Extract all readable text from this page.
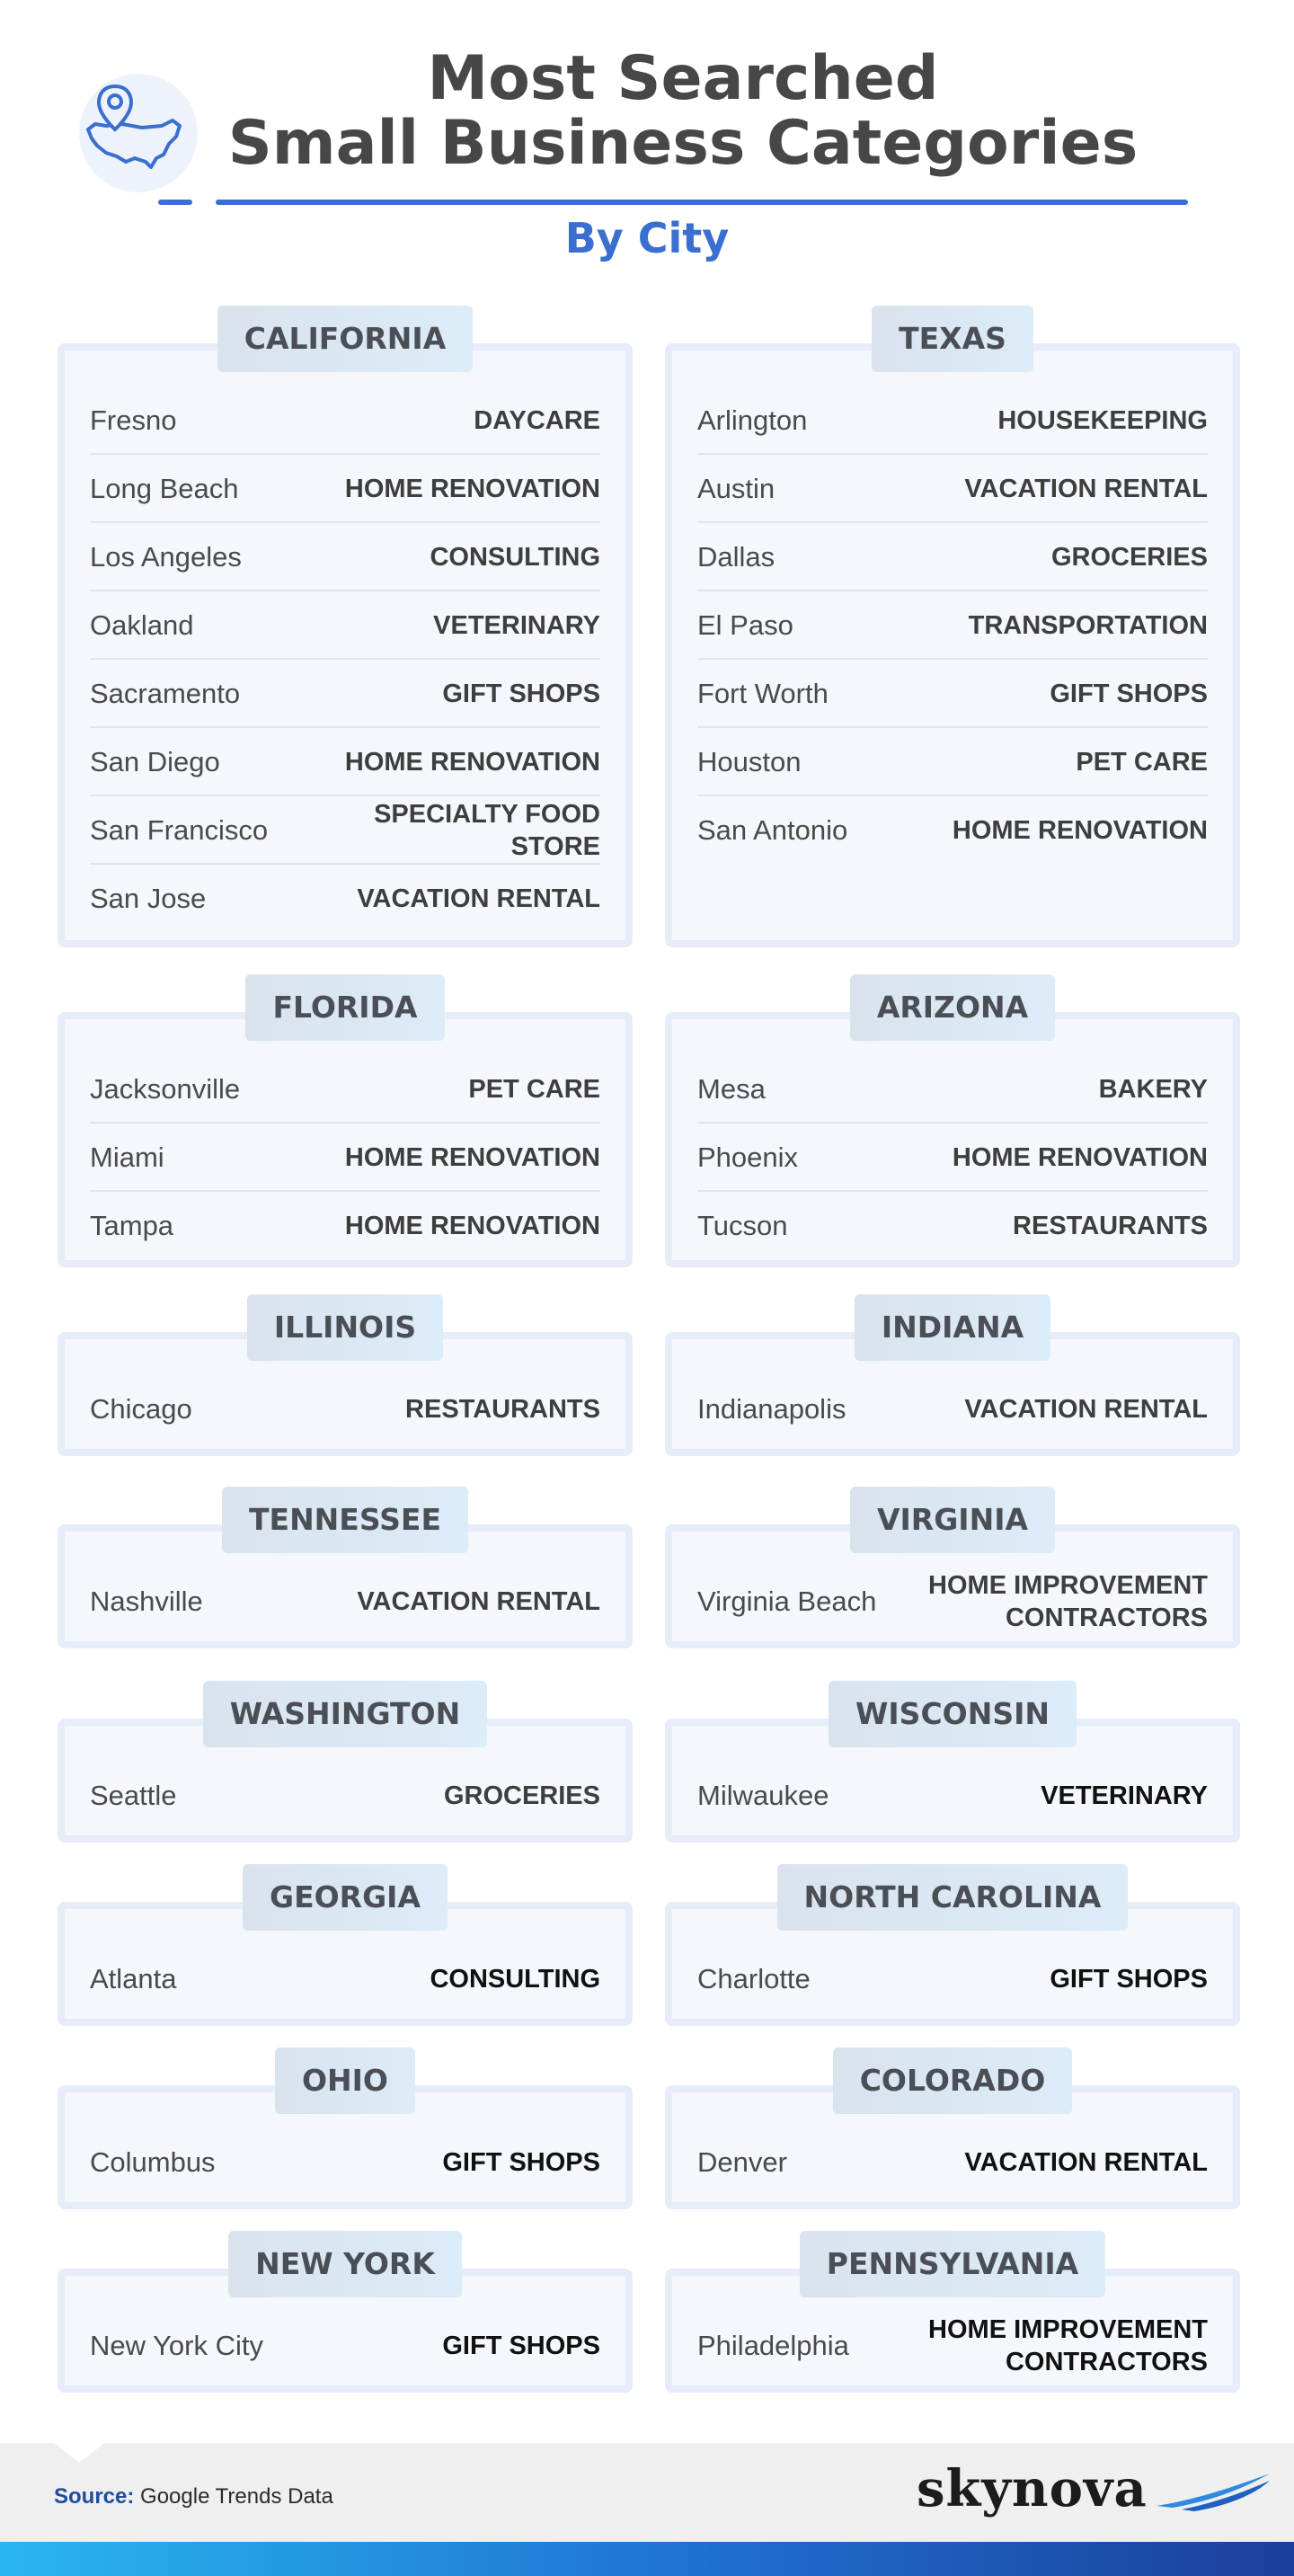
Most Searched
Small Business Categories
By City
Fresno	DAYCARE
Long Beach	HOME RENOVATION
Los Angeles	CONSULTING
Oakland	VETERINARY
Sacramento	GIFT SHOPS
San Diego	HOME RENOVATION
San Francisco	SPECIALTY FOOD STORE
San Jose	VACATION RENTAL
CALIFORNIA
Arlington	HOUSEKEEPING
Austin	VACATION RENTAL
Dallas	GROCERIES
El Paso	TRANSPORTATION
Fort Worth	GIFT SHOPS
Houston	PET CARE
San Antonio	HOME RENOVATION
TEXAS
Jacksonville	PET CARE
Miami	HOME RENOVATION
Tampa	HOME RENOVATION
FLORIDA
Mesa	BAKERY
Phoenix	HOME RENOVATION
Tucson	RESTAURANTS
ARIZONA
Chicago	RESTAURANTS
ILLINOIS
Indianapolis	VACATION RENTAL
INDIANA
Nashville	VACATION RENTAL
TENNESSEE
Virginia Beach	HOME IMPROVEMENT CONTRACTORS
VIRGINIA
Seattle	GROCERIES
WASHINGTON
Milwaukee	VETERINARY
WISCONSIN
Atlanta	CONSULTING
GEORGIA
Charlotte	GIFT SHOPS
NORTH CAROLINA
Columbus	GIFT SHOPS
OHIO
Denver	VACATION RENTAL
COLORADO
New York City	GIFT SHOPS
NEW YORK
Philadelphia	HOME IMPROVEMENT CONTRACTORS
PENNSYLVANIA
Source: Google Trends Data	skynova
